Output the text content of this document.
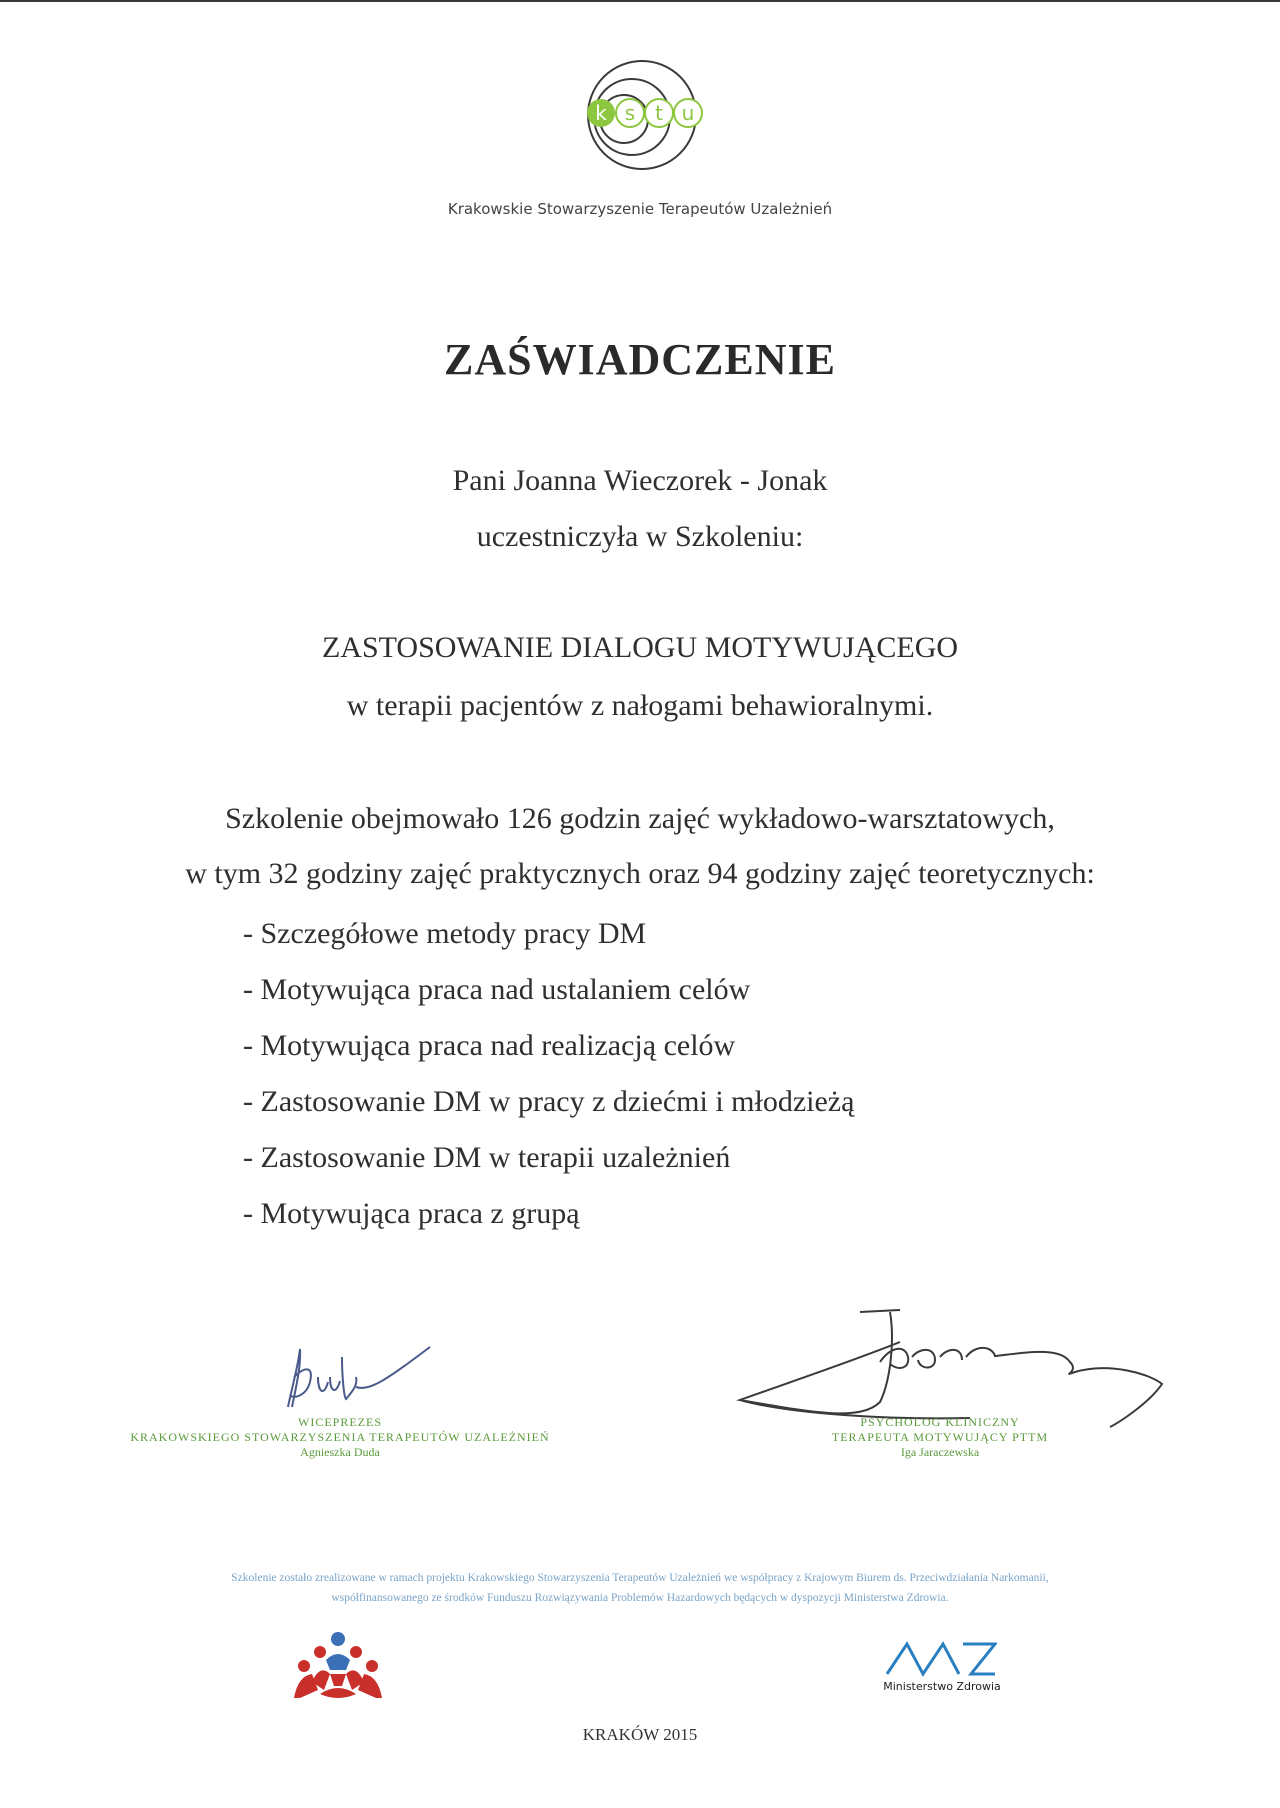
k s t u
Krakowskie Stowarzyszenie Terapeutów Uzależnień
ZAŚWIADCZENIE
Pani Joanna Wieczorek - Jonak
uczestniczyła w Szkoleniu:
ZASTOSOWANIE DIALOGU MOTYWUJĄCEGO
w terapii pacjentów z nałogami behawioralnymi.
Szkolenie obejmowało 126 godzin zajęć wykładowo-warsztatowych,
w tym 32 godziny zajęć praktycznych oraz 94 godziny zajęć teoretycznych:
- Szczegółowe metody pracy DM
- Motywująca praca nad ustalaniem celów
- Motywująca praca nad realizacją celów
- Zastosowanie DM w pracy z dziećmi i młodzieżą
- Zastosowanie DM w terapii uzależnień
- Motywująca praca z grupą
WICEPREZES
KRAKOWSKIEGO STOWARZYSZENIA TERAPEUTÓW UZALEŻNIEŃ
Agnieszka Duda
PSYCHOLOG KLINICZNY
TERAPEUTA MOTYWUJĄCY PTTM
Iga Jaraczewska
Szkolenie zostało zrealizowane w ramach projektu Krakowskiego Stowarzyszenia Terapeutów Uzależnień we współpracy z Krajowym Biurem ds. Przeciwdziałania Narkomanii,
współfinansowanego ze środków Funduszu Rozwiązywania Problemów Hazardowych będących w dyspozycji Ministerstwa Zdrowia.
Ministerstwo Zdrowia
KRAKÓW 2015
